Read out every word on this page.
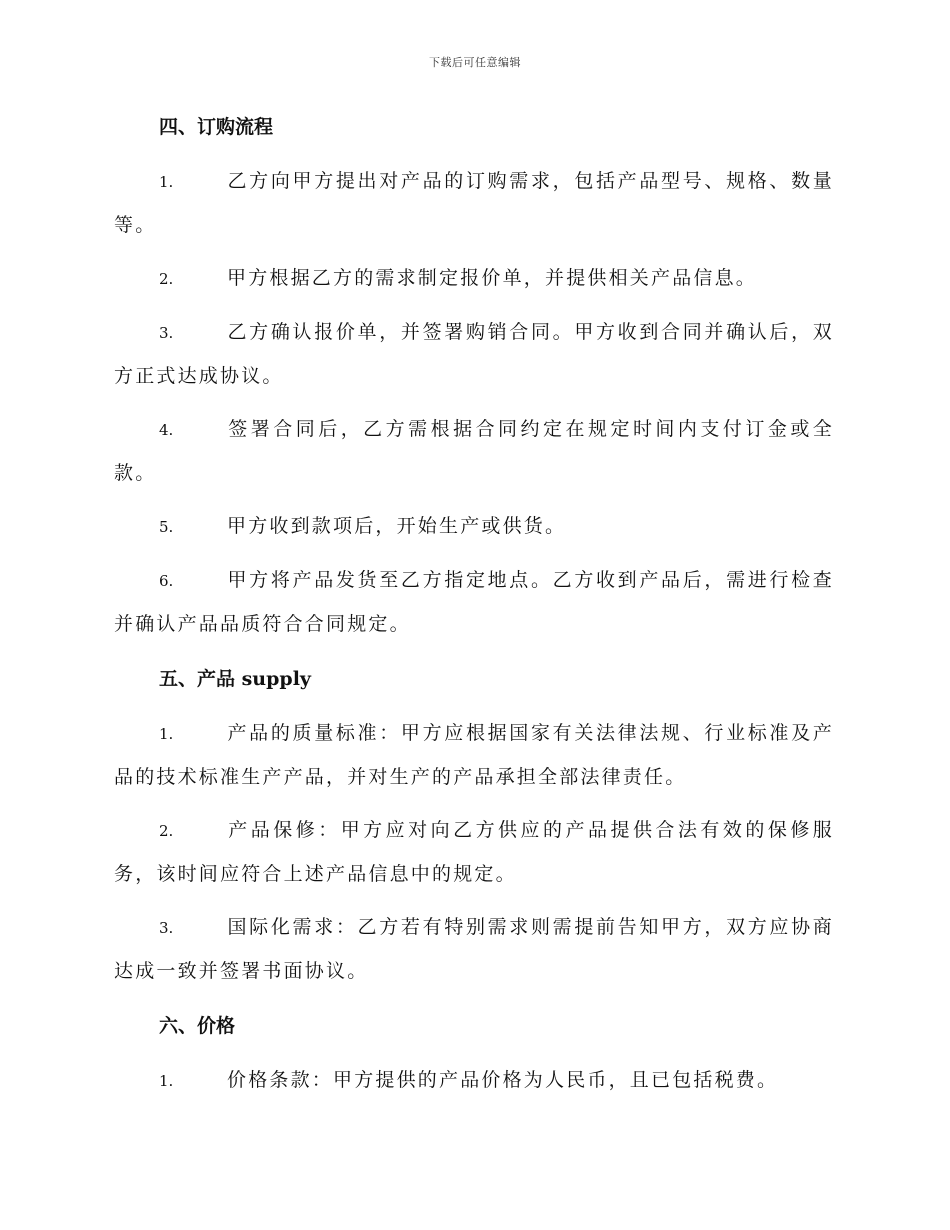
下载后可任意编辑
四、订购流程

1.	乙方向甲方提出对产品的订购需求，包括产品型号、规格、数量等。

2.	甲方根据乙方的需求制定报价单，并提供相关产品信息。

3.	乙方确认报价单，并签署购销合同。甲方收到合同并确认后，双方正式达成协议。

4.	签署合同后，乙方需根据合同约定在规定时间内支付订金或全款。

5.	甲方收到款项后，开始生产或供货。

6.	甲方将产品发货至乙方指定地点。乙方收到产品后，需进行检查并确认产品品质符合合同规定。

五、产品 supply

1.	产品的质量标准：甲方应根据国家有关法律法规、行业标准及产品的技术标准生产产品，并对生产的产品承担全部法律责任。

2.	产品保修：甲方应对向乙方供应的产品提供合法有效的保修服务，该时间应符合上述产品信息中的规定。

3.	国际化需求：乙方若有特别需求则需提前告知甲方，双方应协商达成一致并签署书面协议。

六、价格

1.	价格条款：甲方提供的产品价格为人民币，且已包括税费。
